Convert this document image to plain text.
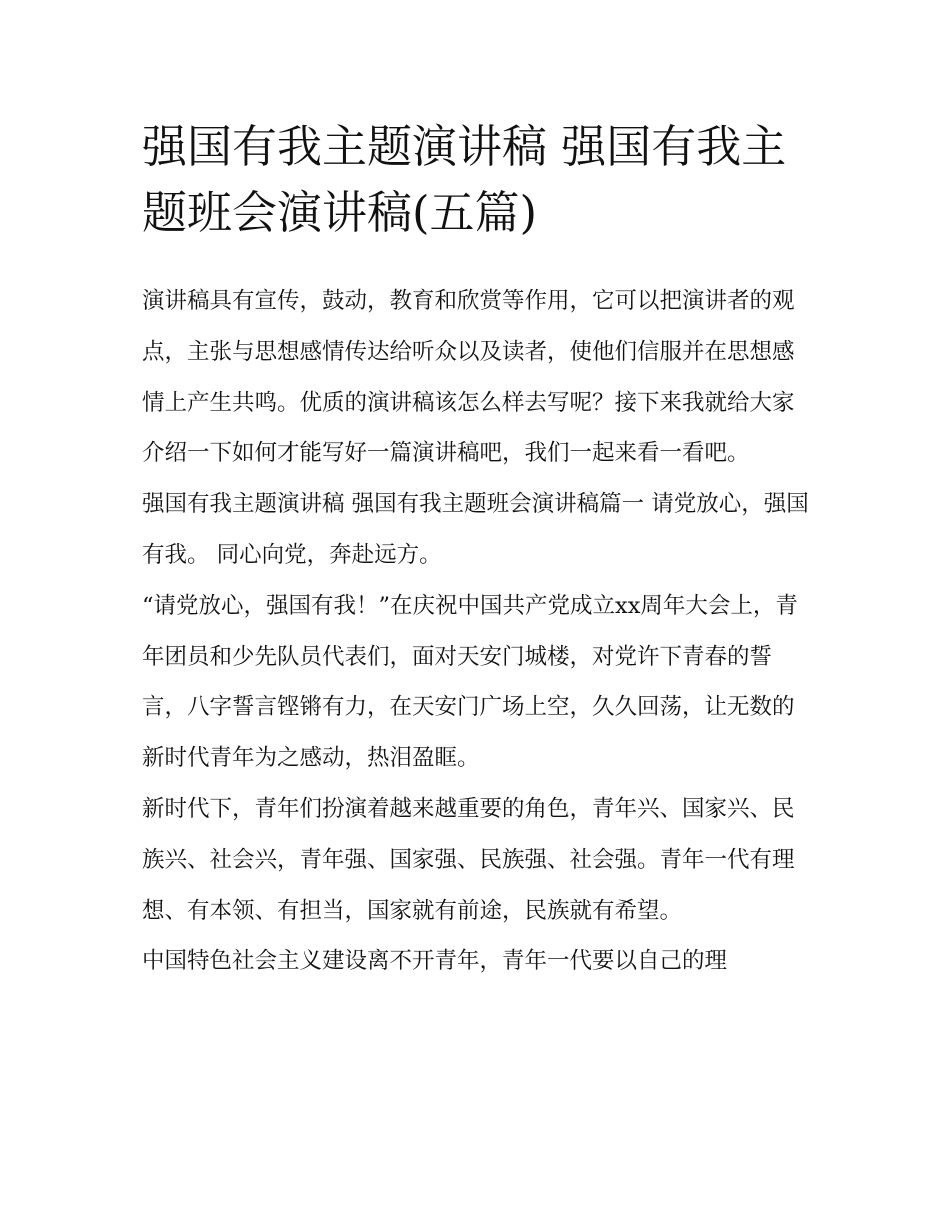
强国有我主题演讲稿 强国有我主题班会演讲稿(五篇)

演讲稿具有宣传，鼓动，教育和欣赏等作用，它可以把演讲者的观点，主张与思想感情传达给听众以及读者，使他们信服并在思想感情上产生共鸣。优质的演讲稿该怎么样去写呢？接下来我就给大家介绍一下如何才能写好一篇演讲稿吧，我们一起来看一看吧。

强国有我主题演讲稿 强国有我主题班会演讲稿篇一 请党放心，强国有我。 同心向党，奔赴远方。

“请党放心，强国有我！”在庆祝中国共产党成立xx周年大会上，青年团员和少先队员代表们，面对天安门城楼，对党许下青春的誓言，八字誓言铿锵有力，在天安门广场上空，久久回荡，让无数的新时代青年为之感动，热泪盈眶。

新时代下，青年们扮演着越来越重要的角色，青年兴、国家兴、民族兴、社会兴，青年强、国家强、民族强、社会强。青年一代有理想、有本领、有担当，国家就有前途，民族就有希望。

中国特色社会主义建设离不开青年，青年一代要以自己的理
